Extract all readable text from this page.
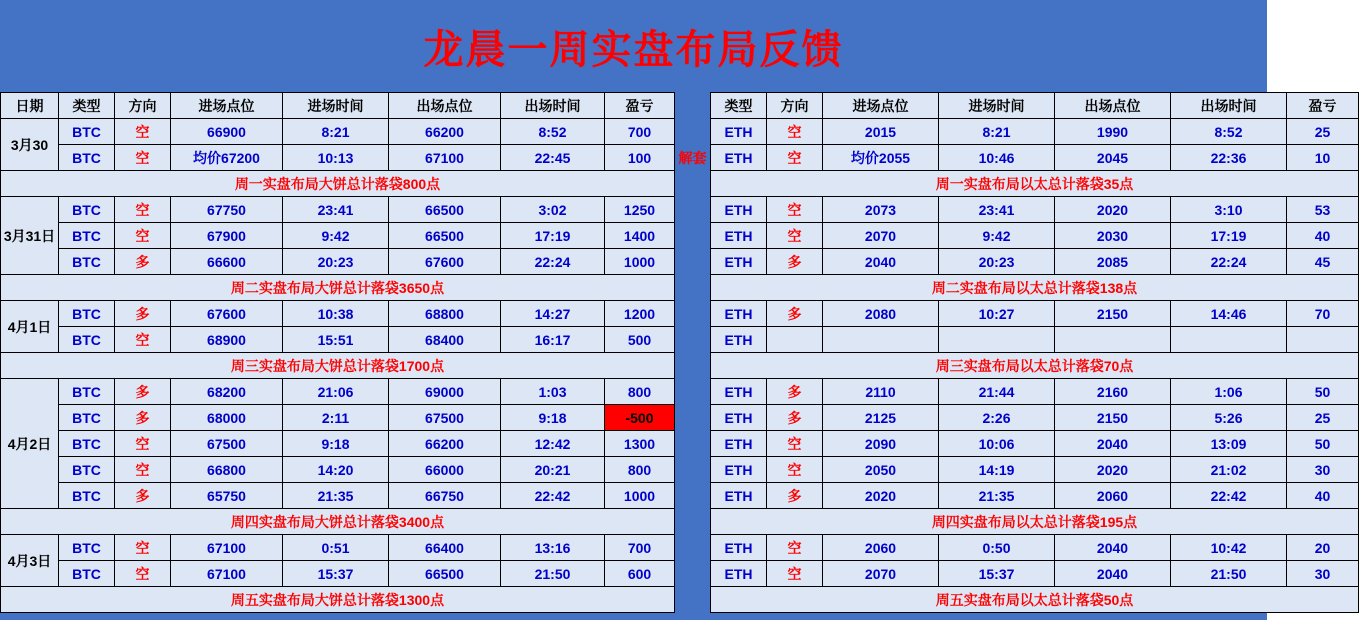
龙晨一周实盘布局反馈
日期	类型	方向	进场点位	进场时间	出场点位	出场时间	盈亏		类型	方向	进场点位	进场时间	出场点位	出场时间	盈亏
3月30	BTC	空	66900	8:21	66200	8:52	700		ETH	空	2015	8:21	1990	8:52	25
	BTC	空	均价67200	10:13	67100	22:45	100	解套	ETH	空	均价2055	10:46	2045	22:36	10
周一实盘布局大饼总计落袋800点									周一实盘布局以太总计落袋35点						
3月31日	BTC	空	67750	23:41	66500	3:02	1250		ETH	空	2073	23:41	2020	3:10	53
	BTC	空	67900	9:42	66500	17:19	1400		ETH	空	2070	9:42	2030	17:19	40
	BTC	多	66600	20:23	67600	22:24	1000		ETH	多	2040	20:23	2085	22:24	45
周二实盘布局大饼总计落袋3650点									周二实盘布局以太总计落袋138点						
4月1日	BTC	多	67600	10:38	68800	14:27	1200		ETH	多	2080	10:27	2150	14:46	70
	BTC	空	68900	15:51	68400	16:17	500		ETH						
周三实盘布局大饼总计落袋1700点									周三实盘布局以太总计落袋70点						
4月2日	BTC	多	68200	21:06	69000	1:03	800		ETH	多	2110	21:44	2160	1:06	50
	BTC	多	68000	2:11	67500	9:18	-500		ETH	多	2125	2:26	2150	5:26	25
	BTC	空	67500	9:18	66200	12:42	1300		ETH	空	2090	10:06	2040	13:09	50
	BTC	空	66800	14:20	66000	20:21	800		ETH	空	2050	14:19	2020	21:02	30
	BTC	多	65750	21:35	66750	22:42	1000		ETH	多	2020	21:35	2060	22:42	40
周四实盘布局大饼总计落袋3400点									周四实盘布局以太总计落袋195点						
4月3日	BTC	空	67100	0:51	66400	13:16	700		ETH	空	2060	0:50	2040	10:42	20
	BTC	空	67100	15:37	66500	21:50	600		ETH	空	2070	15:37	2040	21:50	30
周五实盘布局大饼总计落袋1300点									周五实盘布局以太总计落袋50点						
